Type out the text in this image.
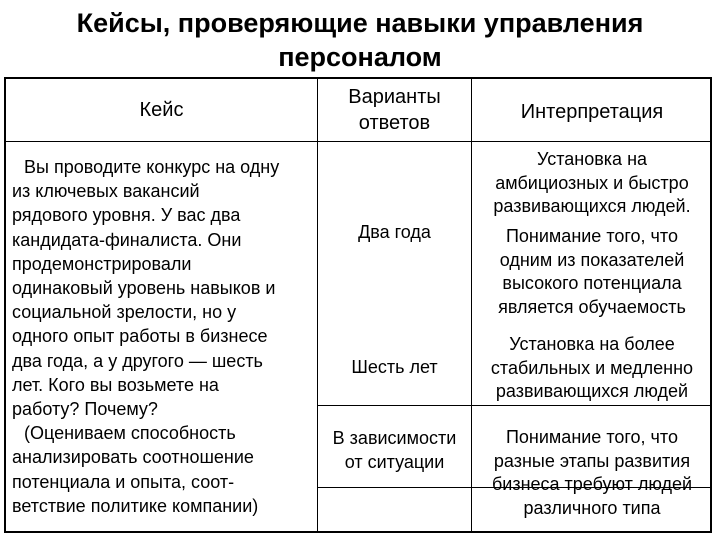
Кейсы, проверяющие навыки управления
персоналом
Кейс
Варианты
ответов	Интерпретация
Вы проводите конкурс на одну
из ключевых вакансий
рядового уровня. У вас два
кандидата-финалиста. Они
продемонстрировали
одинаковый уровень навыков и
социальной зрелости, но у
одного опыт работы в бизнесе
два года, а у другого — шесть
лет. Кого вы возьмете на
работу? Почему?
(Оцениваем способность
анализировать соотношение
потенциала и опыта, соот-
ветствие политике компании)
Два года
Шесть лет
В зависимости
от ситуации
Установка на
амбициозных и быстро
развивающихся людей.
Понимание того, что
одним из показателей
высокого потенциала
является обучаемость
Установка на более
стабильных и медленно
развивающихся людей
Понимание того, что
разные этапы развития
бизнеса требуют людей
различного типа
